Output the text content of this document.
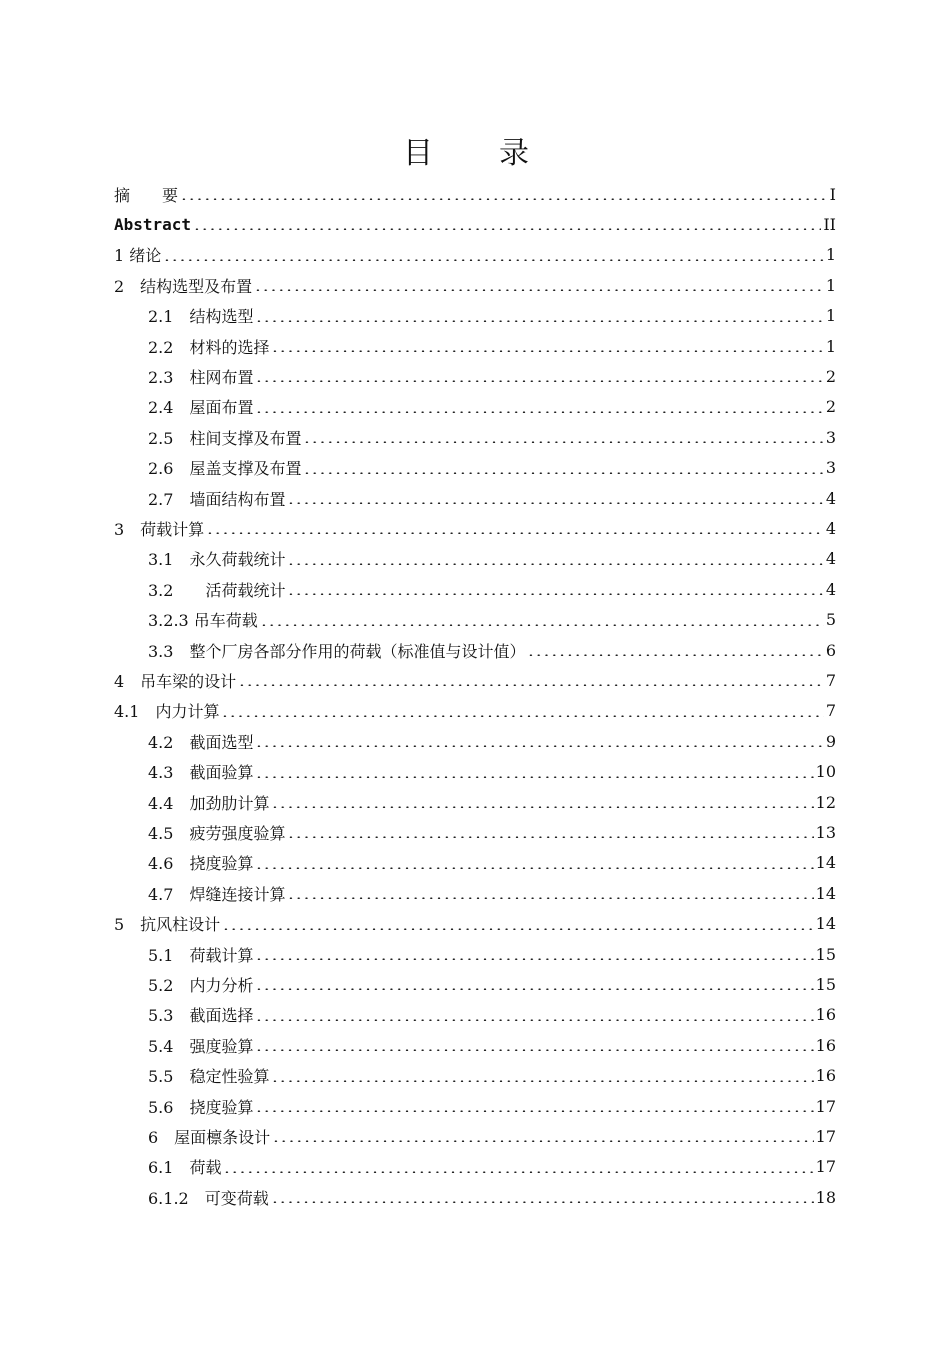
目　录
摘　　要	I
Abstract	II
1 绪论	1
2　结构选型及布置	1
2.1　结构选型	1
2.2　材料的选择	1
2.3　柱网布置	2
2.4　屋面布置	2
2.5　柱间支撑及布置	3
2.6　屋盖支撑及布置	3
2.7　墙面结构布置	4
3　荷载计算	4
3.1　永久荷载统计	4
3.2　　活荷载统计	4
3.2.3 吊车荷载	5
3.3　整个厂房各部分作用的荷载（标准值与设计值）	6
4　吊车梁的设计	7
4.1　内力计算	7
4.2　截面选型	9
4.3　截面验算	10
4.4　加劲肋计算	12
4.5　疲劳强度验算	13
4.6　挠度验算	14
4.7　焊缝连接计算	14
5　抗风柱设计	14
5.1　荷载计算	15
5.2　内力分析	15
5.3　截面选择	16
5.4　强度验算	16
5.5　稳定性验算	16
5.6　挠度验算	17
6　屋面檩条设计	17
6.1　荷载	17
6.1.2　可变荷载	18
